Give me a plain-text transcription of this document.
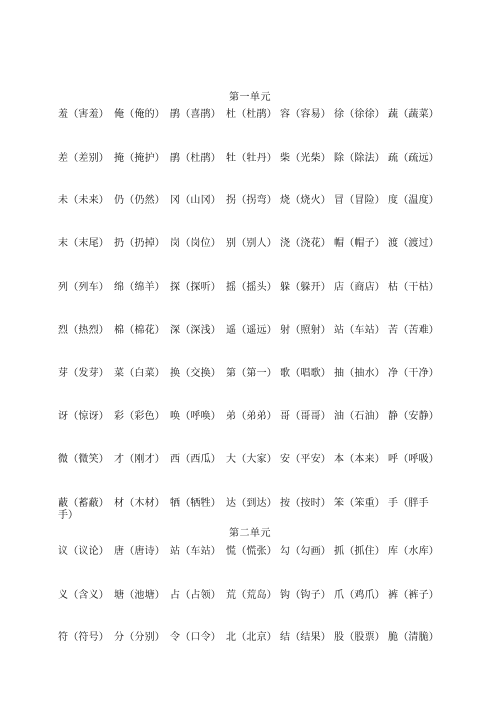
第一单元
羞（害羞） 俺（俺的） 鹃（喜鹃） 杜（杜鹃） 容（容易） 徐（徐徐） 蔬（蔬菜）
差（差别） 掩（掩护） 鹃（杜鹃） 牡（牡丹） 柴（光柴） 除（除法） 疏（疏远）
未（未来） 仍（仍然） 冈（山冈） 拐（拐弯） 烧（烧火） 冒（冒险） 度（温度）
末（末尾） 扔（扔掉） 岗（岗位） 别（别人） 浇（浇花） 帽（帽子） 渡（渡过）
列（列车） 绵（绵羊） 探（探听） 摇（摇头） 躲（躲开） 店（商店） 枯（干枯）
烈（热烈） 棉（棉花） 深（深浅） 遥（遥远） 射（照射） 站（车站） 苦（苦难）
芽（发芽） 菜（白菜） 换（交换） 第（第一） 歌（唱歌） 抽（抽水） 净（干净）
讶（惊讶） 彩（彩色） 唤（呼唤） 弟（弟弟） 哥（哥哥） 油（石油） 静（安静）
微（微笑） 才（刚才） 西（西瓜） 大（大家） 安（平安） 本（本来） 呼（呼吸）
蔽（蓄蔽） 材（木材） 牺（牺牲） 达（到达） 按（按时） 笨（笨重） 手（胖手
手）
第二单元
议（议论） 唐（唐诗） 站（车站） 慌（慌张） 勾（勾画） 抓（抓住） 库（水库）
义（含义） 塘（池塘） 占（占领） 荒（荒岛） 钩（钩子） 爪（鸡爪） 裤（裤子）
符（符号） 分（分别） 令（口令） 北（北京） 结（结果） 股（股票） 脆（清脆）
